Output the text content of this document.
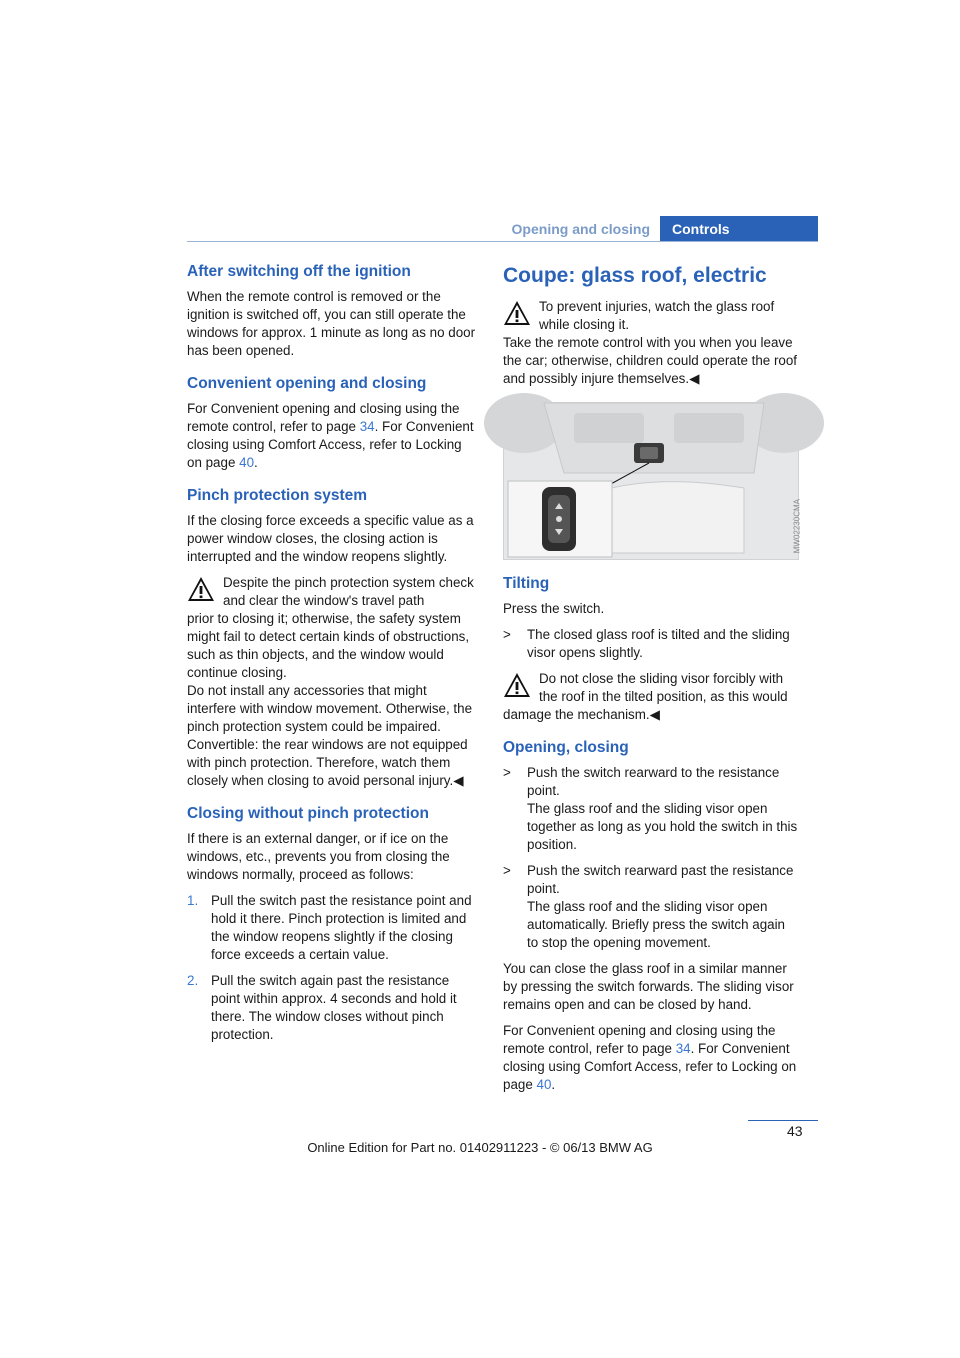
Opening and closing	Controls
After switching off the ignition

When the remote control is removed or the ignition is switched off, you can still operate the windows for approx. 1 minute as long as no door has been opened.

Convenient opening and closing

For Convenient opening and closing using the remote control, refer to page 34. For Convenient closing using Comfort Access, refer to Locking on page 40.

Pinch protection system

If the closing force exceeds a specific value as a power window closes, the closing action is interrupted and the window reopens slightly.

Despite the pinch protection system check and clear the window's travel path
prior to closing it; otherwise, the safety system might fail to detect certain kinds of obstructions, such as thin objects, and the window would continue closing.
Do not install any accessories that might interfere with window movement. Otherwise, the pinch protection system could be impaired.
Convertible: the rear windows are not equipped with pinch protection. Therefore, watch them closely when closing to avoid personal injury.◀
Closing without pinch protection

If there is an external danger, or if ice on the windows, etc., prevents you from closing the windows normally, proceed as follows:

1. Pull the switch past the resistance point and hold it there. Pinch protection is limited and the window reopens slightly if the closing force exceeds a certain value.
2. Pull the switch again past the resistance point within approx. 4 seconds and hold it there. The window closes without pinch protection.
Coupe: glass roof, electric
To prevent injuries, watch the glass roof while closing it.
Take the remote control with you when you leave the car; otherwise, children could operate the roof and possibly injure themselves.◀
MW02230CMA
Tilting

Press the switch.

> The closed glass roof is tilted and the sliding visor opens slightly.
Do not close the sliding visor forcibly with the roof in the tilted position, as this would
damage the mechanism.◀
Opening, closing
> Push the switch rearward to the resistance point.
The glass roof and the sliding visor open together as long as you hold the switch in this position.
> Push the switch rearward past the resistance point.
The glass roof and the sliding visor open automatically. Briefly press the switch again to stop the opening movement.

You can close the glass roof in a similar manner by pressing the switch forwards. The sliding visor remains open and can be closed by hand.

For Convenient opening and closing using the remote control, refer to page 34. For Convenient closing using Comfort Access, refer to Locking on page 40.

43
Online Edition for Part no. 01402911223 - © 06/13 BMW AG
